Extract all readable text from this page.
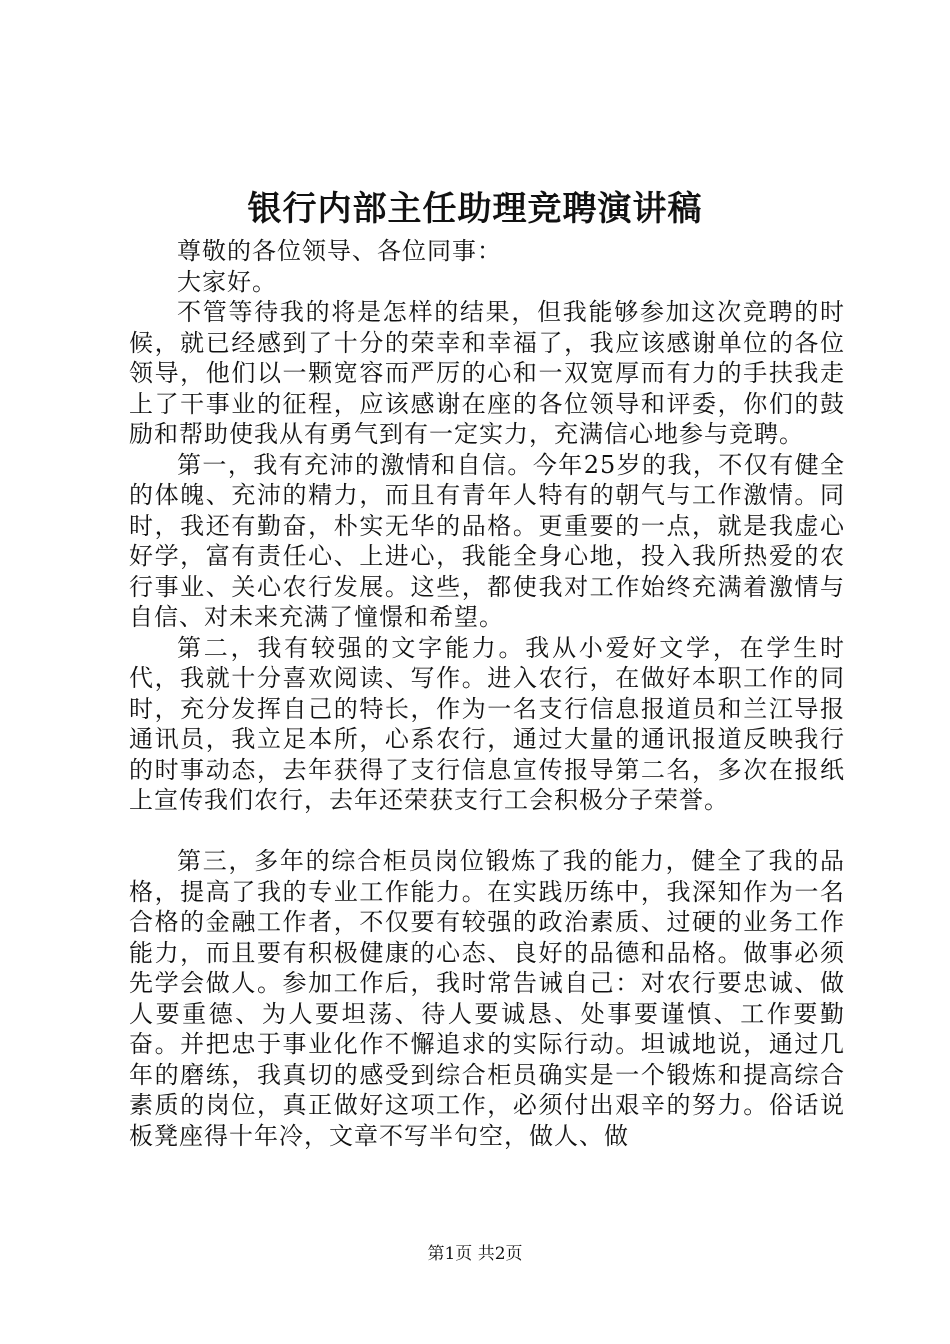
银行内部主任助理竞聘演讲稿

尊敬的各位领导、各位同事：

大家好。

不管等待我的将是怎样的结果，但我能够参加这次竞聘的时候，就已经感到了十分的荣幸和幸福了，我应该感谢单位的各位领导，他们以一颗宽容而严厉的心和一双宽厚而有力的手扶我走上了干事业的征程，应该感谢在座的各位领导和评委，你们的鼓励和帮助使我从有勇气到有一定实力，充满信心地参与竞聘。

第一，我有充沛的激情和自信。今年25岁的我，不仅有健全的体魄、充沛的精力，而且有青年人特有的朝气与工作激情。同时，我还有勤奋，朴实无华的品格。更重要的一点，就是我虚心好学，富有责任心、上进心，我能全身心地，投入我所热爱的农行事业、关心农行发展。这些，都使我对工作始终充满着激情与自信、对未来充满了憧憬和希望。

第二，我有较强的文字能力。我从小爱好文学，在学生时代，我就十分喜欢阅读、写作。进入农行，在做好本职工作的同时，充分发挥自己的特长，作为一名支行信息报道员和兰江导报通讯员，我立足本所，心系农行，通过大量的通讯报道反映我行的时事动态，去年获得了支行信息宣传报导第二名，多次在报纸上宣传我们农行，去年还荣获支行工会积极分子荣誉。

第三，多年的综合柜员岗位锻炼了我的能力，健全了我的品格，提高了我的专业工作能力。在实践历练中，我深知作为一名合格的金融工作者，不仅要有较强的政治素质、过硬的业务工作能力，而且要有积极健康的心态、良好的品德和品格。做事必须先学会做人。参加工作后，我时常告诫自己：对农行要忠诚、做人要重德、为人要坦荡、待人要诚恳、处事要谨慎、工作要勤奋。并把忠于事业化作不懈追求的实际行动。坦诚地说，通过几年的磨练，我真切的感受到综合柜员确实是一个锻炼和提高综合素质的岗位，真正做好这项工作，必须付出艰辛的努力。俗话说板凳座得十年冷，文章不写半句空，做人、做

第1页 共2页
